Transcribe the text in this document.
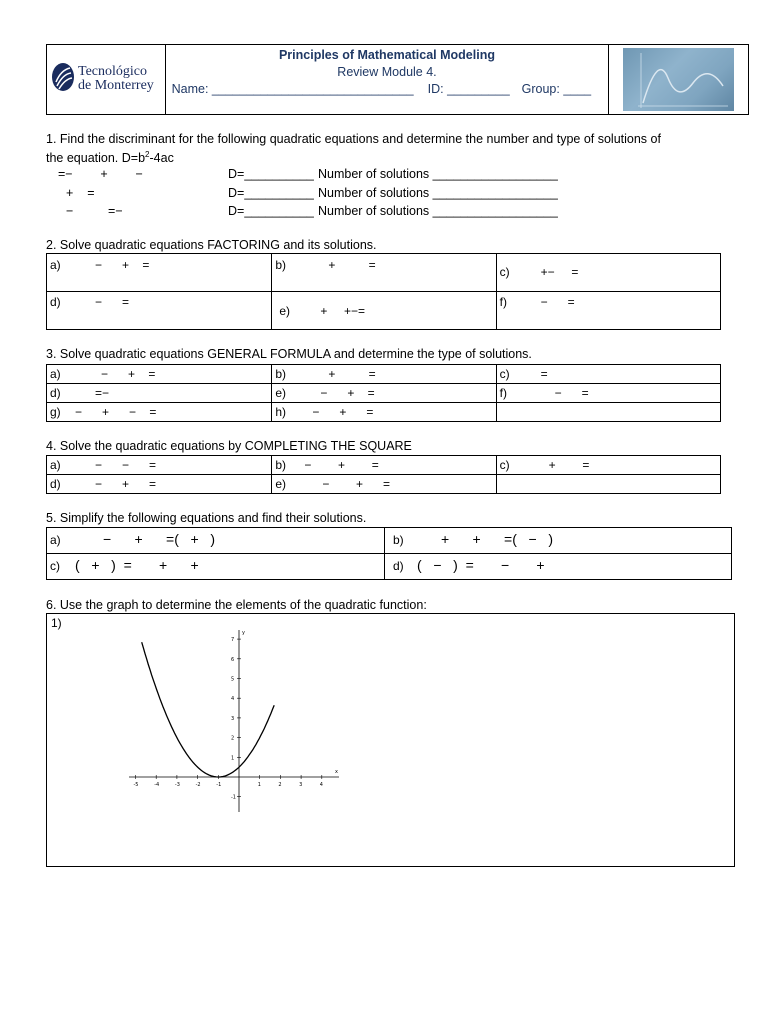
Tecnológico
de Monterrey

Principles of Mathematical Modeling
Review Module 4.
Name: _____________________________ ID: _________ Group: ____

1. Find the discriminant for the following quadratic equations and determine the number and type of solutions of
the equation. $D=b^2-4ac$
=−        +        −	D=__________ Number of solutions __________________
+    =	D=__________ Number of solutions __________________
−          =−	D=__________ Number of solutions __________________
2. Solve quadratic equations FACTORING and its solutions.
a) −      +    =	b) +          =	c) +−     =

d) −      =	e) +     +−=	f) −      =
3. Solve quadratic equations GENERAL FORMULA and determine the type of solutions.
a) −      +    =	b) +          =	c) =

d) =−	e) −      +    =	f) −      =

g) −      +      −    =	h) −      +      =	

4. Solve the quadratic equations by COMPLETING THE SQUARE
a) −      −      =	b) −        +        =	c) +        =

d) −      +      =	e) −        +      =	

5. Simplify the following equations and find their solutions.
a) −      +      =(   +   )	b) +      +      =(   −   )

c) (   +   )  =       +      +	d) (   −   )  =       −       +
6. Use the graph to determine the elements of the quadratic function:
1)
x
y
-5	-4	-3	-2	-1	1	2	3	4
7
6
5
4
3
2
1
-1
